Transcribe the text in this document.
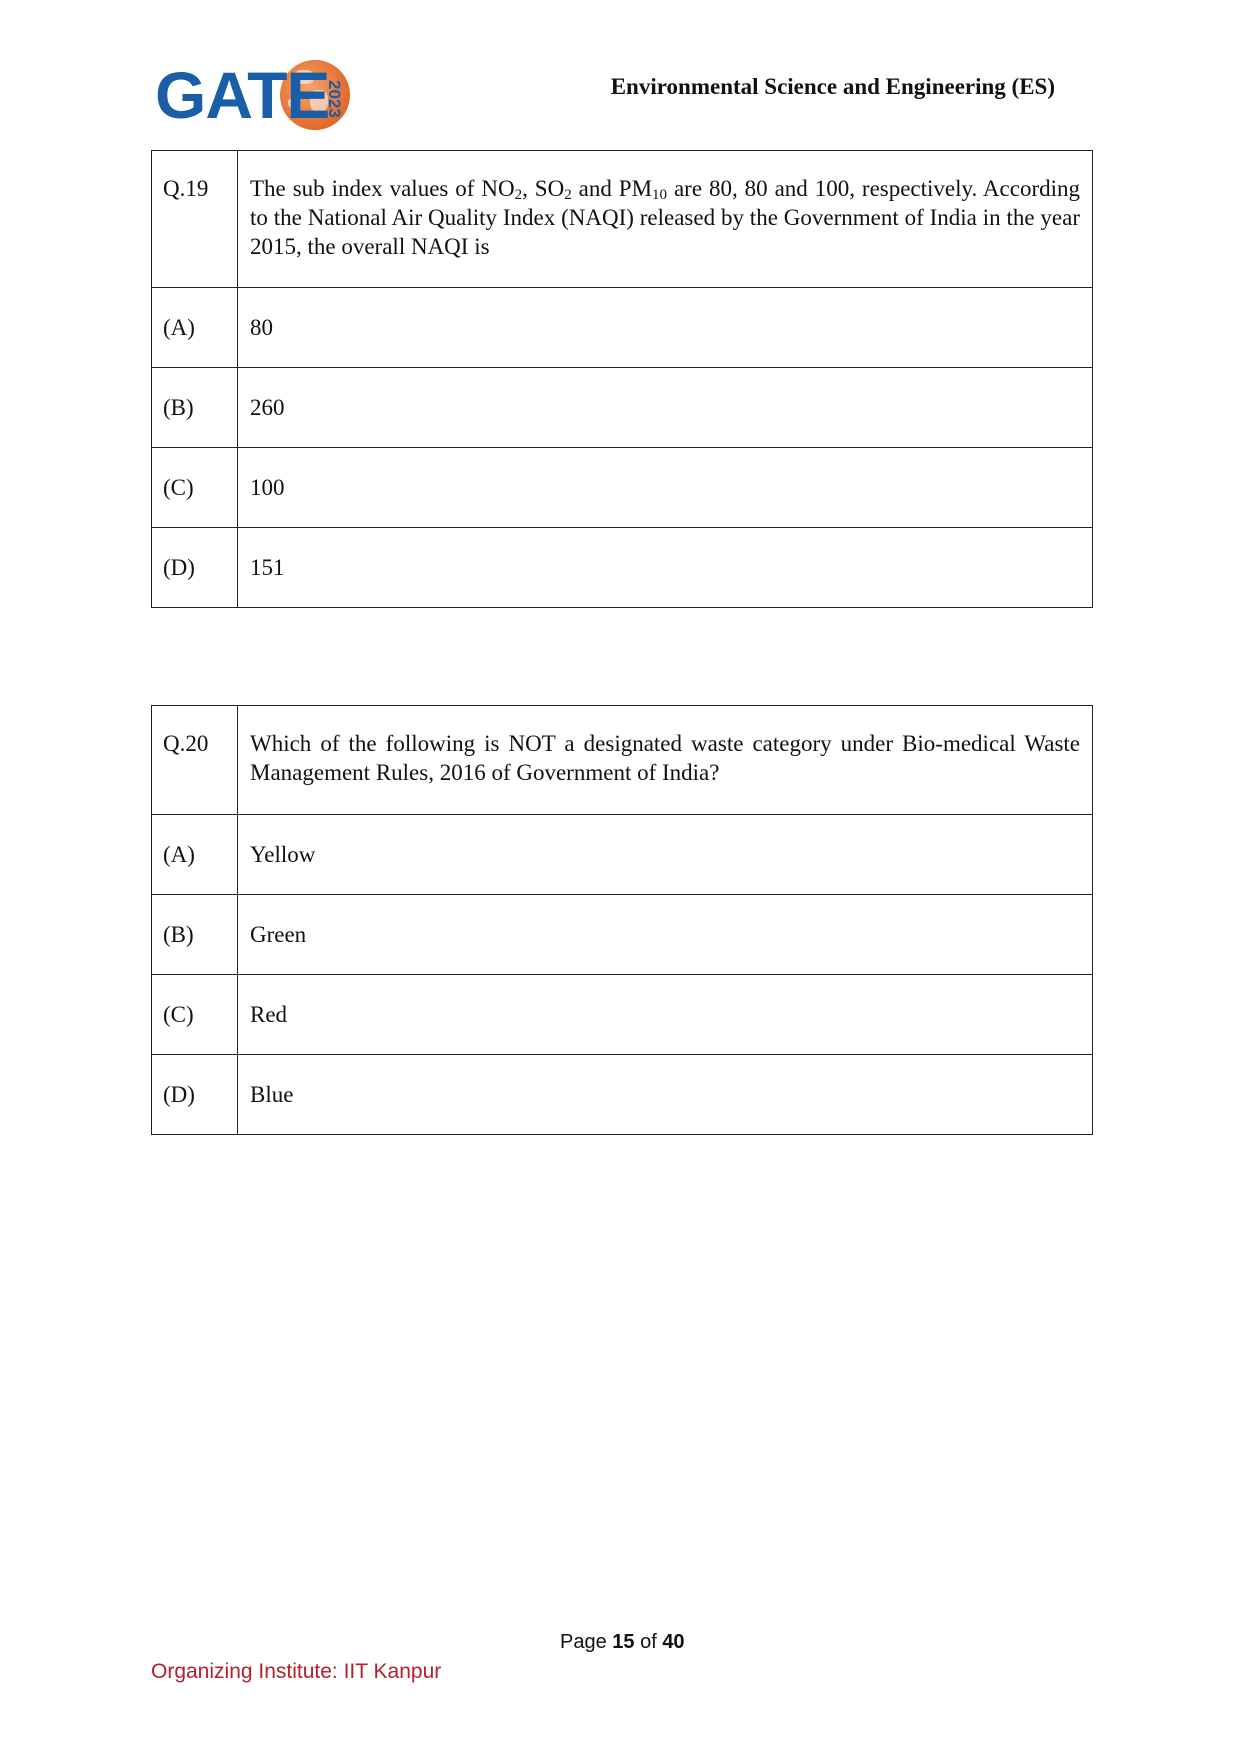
GATE
2023	Environmental Science and Engineering (ES)
Q.19	The sub index values of $NO_2$, $SO_2$ and $PM_{10}$ are 80, 80 and 100, respectively. According to the National Air Quality Index (NAQI) released by the Government of India in the year 2015, the overall NAQI is
(A)	80
(B)	260
(C)	100
(D)	151
Q.20	Which of the following is NOT a designated waste category under Bio-medical Waste Management Rules, 2016 of Government of India?
(A)	Yellow
(B)	Green
(C)	Red
(D)	Blue
Page 15 of 40
Organizing Institute: IIT Kanpur
